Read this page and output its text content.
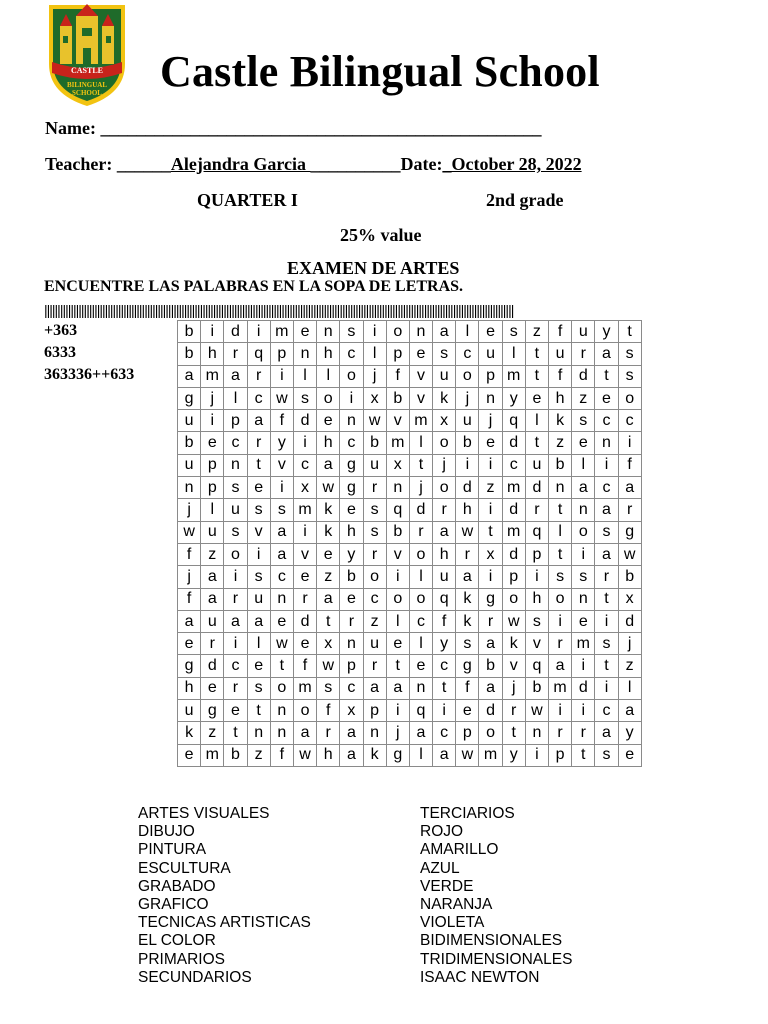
CASTLE
BILINGUAL
SCHOOL Castle Bilingual School
Name: _________________________________________________
Teacher: ______Alejandra Garcia __________Date:_October 28, 2022
QUARTER I	2nd grade
25% value
EXAMEN DE ARTES
ENCUENTRE LAS PALABRAS EN LA SOPA DE LETRAS.
||||||||||||||||||||||||||||||||||||||||||||||||||||||||||||||||||||||||||||||||||||||||||||||||||||||||||||||||||||||||||||||||||||||||||||||||||||||||||||||||||||||||||||||||||
+363
6333
363336++633
b	i	d	i	m	e	n	s	i	o	n	a	l	e	s	z	f	u	y	t
b	h	r	q	p	n	h	c	l	p	e	s	c	u	l	t	u	r	a	s
a	m	a	r	i	l	l	o	j	f	v	u	o	p	m	t	f	d	t	s
g	j	l	c	w	s	o	i	x	b	v	k	j	n	y	e	h	z	e	o
u	i	p	a	f	d	e	n	w	v	m	x	u	j	q	l	k	s	c	c
b	e	c	r	y	i	h	c	b	m	l	o	b	e	d	t	z	e	n	i
u	p	n	t	v	c	a	g	u	x	t	j	i	i	c	u	b	l	i	f
n	p	s	e	i	x	w	g	r	n	j	o	d	z	m	d	n	a	c	a
j	l	u	s	s	m	k	e	s	q	d	r	h	i	d	r	t	n	a	r
w	u	s	v	a	i	k	h	s	b	r	a	w	t	m	q	l	o	s	g
f	z	o	i	a	v	e	y	r	v	o	h	r	x	d	p	t	i	a	w
j	a	i	s	c	e	z	b	o	i	l	u	a	i	p	i	s	s	r	b
f	a	r	u	n	r	a	e	c	o	o	q	k	g	o	h	o	n	t	x
a	u	a	a	e	d	t	r	z	l	c	f	k	r	w	s	i	e	i	d
e	r	i	l	w	e	x	n	u	e	l	y	s	a	k	v	r	m	s	j
g	d	c	e	t	f	w	p	r	t	e	c	g	b	v	q	a	i	t	z
h	e	r	s	o	m	s	c	a	a	n	t	f	a	j	b	m	d	i	l
u	g	e	t	n	o	f	x	p	i	q	i	e	d	r	w	i	i	c	a
k	z	t	n	n	a	r	a	n	j	a	c	p	o	t	n	r	r	a	y
e	m	b	z	f	w	h	a	k	g	l	a	w	m	y	i	p	t	s	e
ARTES VISUALES
DIBUJO
PINTURA
ESCULTURA
GRABADO
GRAFICO
TECNICAS ARTISTICAS
EL COLOR
PRIMARIOS
SECUNDARIOS
TERCIARIOS
ROJO
AMARILLO
AZUL
VERDE
NARANJA
VIOLETA
BIDIMENSIONALES
TRIDIMENSIONALES
ISAAC NEWTON
